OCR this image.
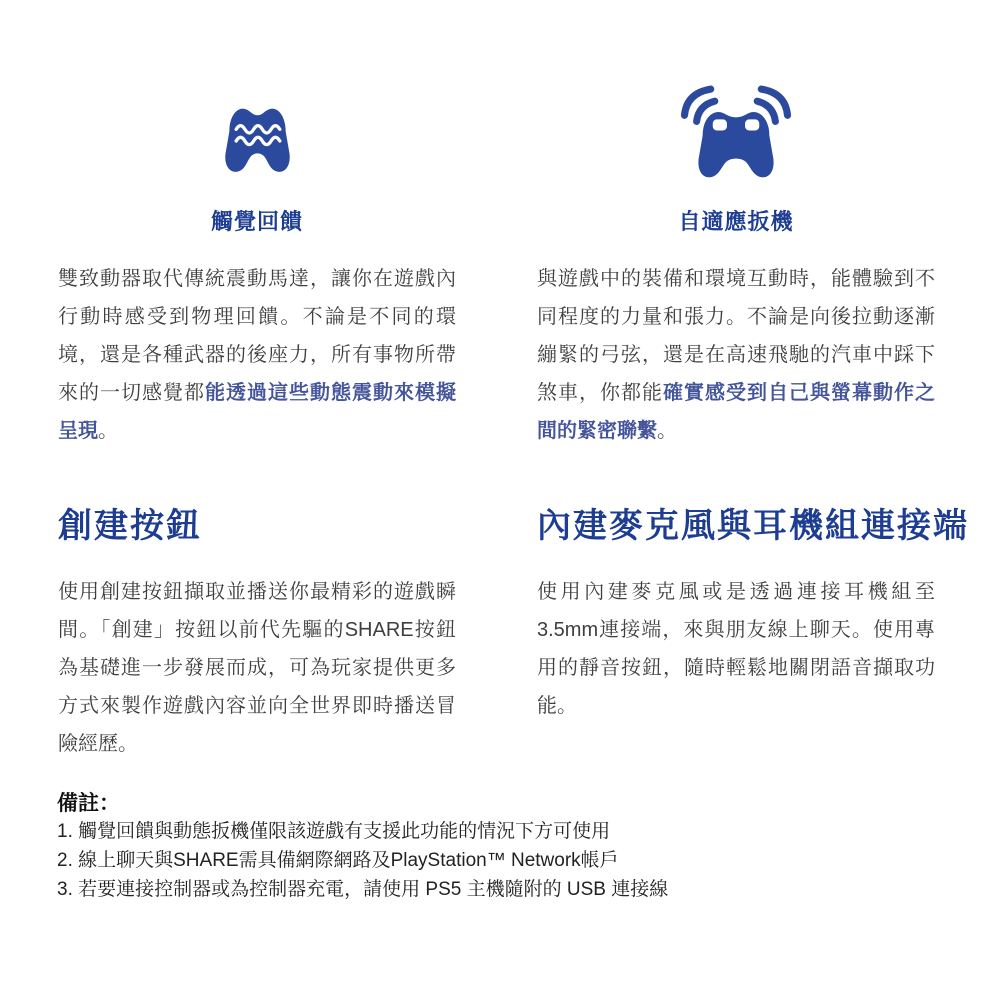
觸覺回饋

雙致動器取代傳統震動馬達，讓你在遊戲內行動時感受到物理回饋。不論是不同的環境，還是各種武器的後座力，所有事物所帶來的一切感覺都能透過這些動態震動來模擬呈現。

自適應扳機

與遊戲中的裝備和環境互動時，能體驗到不同程度的力量和張力。不論是向後拉動逐漸繃緊的弓弦，還是在高速飛馳的汽車中踩下煞車，你都能確實感受到自己與螢幕動作之間的緊密聯繫。

創建按鈕

使用創建按鈕擷取並播送你最精彩的遊戲瞬間。「創建」按鈕以前代先驅的SHARE按鈕為基礎進一步發展而成，可為玩家提供更多方式來製作遊戲內容並向全世界即時播送冒險經歷。

內建麥克風與耳機組連接端

使用內建麥克風或是透過連接耳機組至3.5mm連接端，來與朋友線上聊天。使用專用的靜音按鈕，隨時輕鬆地關閉語音擷取功能。

備註：
1. 觸覺回饋與動態扳機僅限該遊戲有支援此功能的情況下方可使用
2. 線上聊天與SHARE需具備網際網路及PlayStation™ Network帳戶
3. 若要連接控制器或為控制器充電，請使用 PS5 主機隨附的 USB 連接線
